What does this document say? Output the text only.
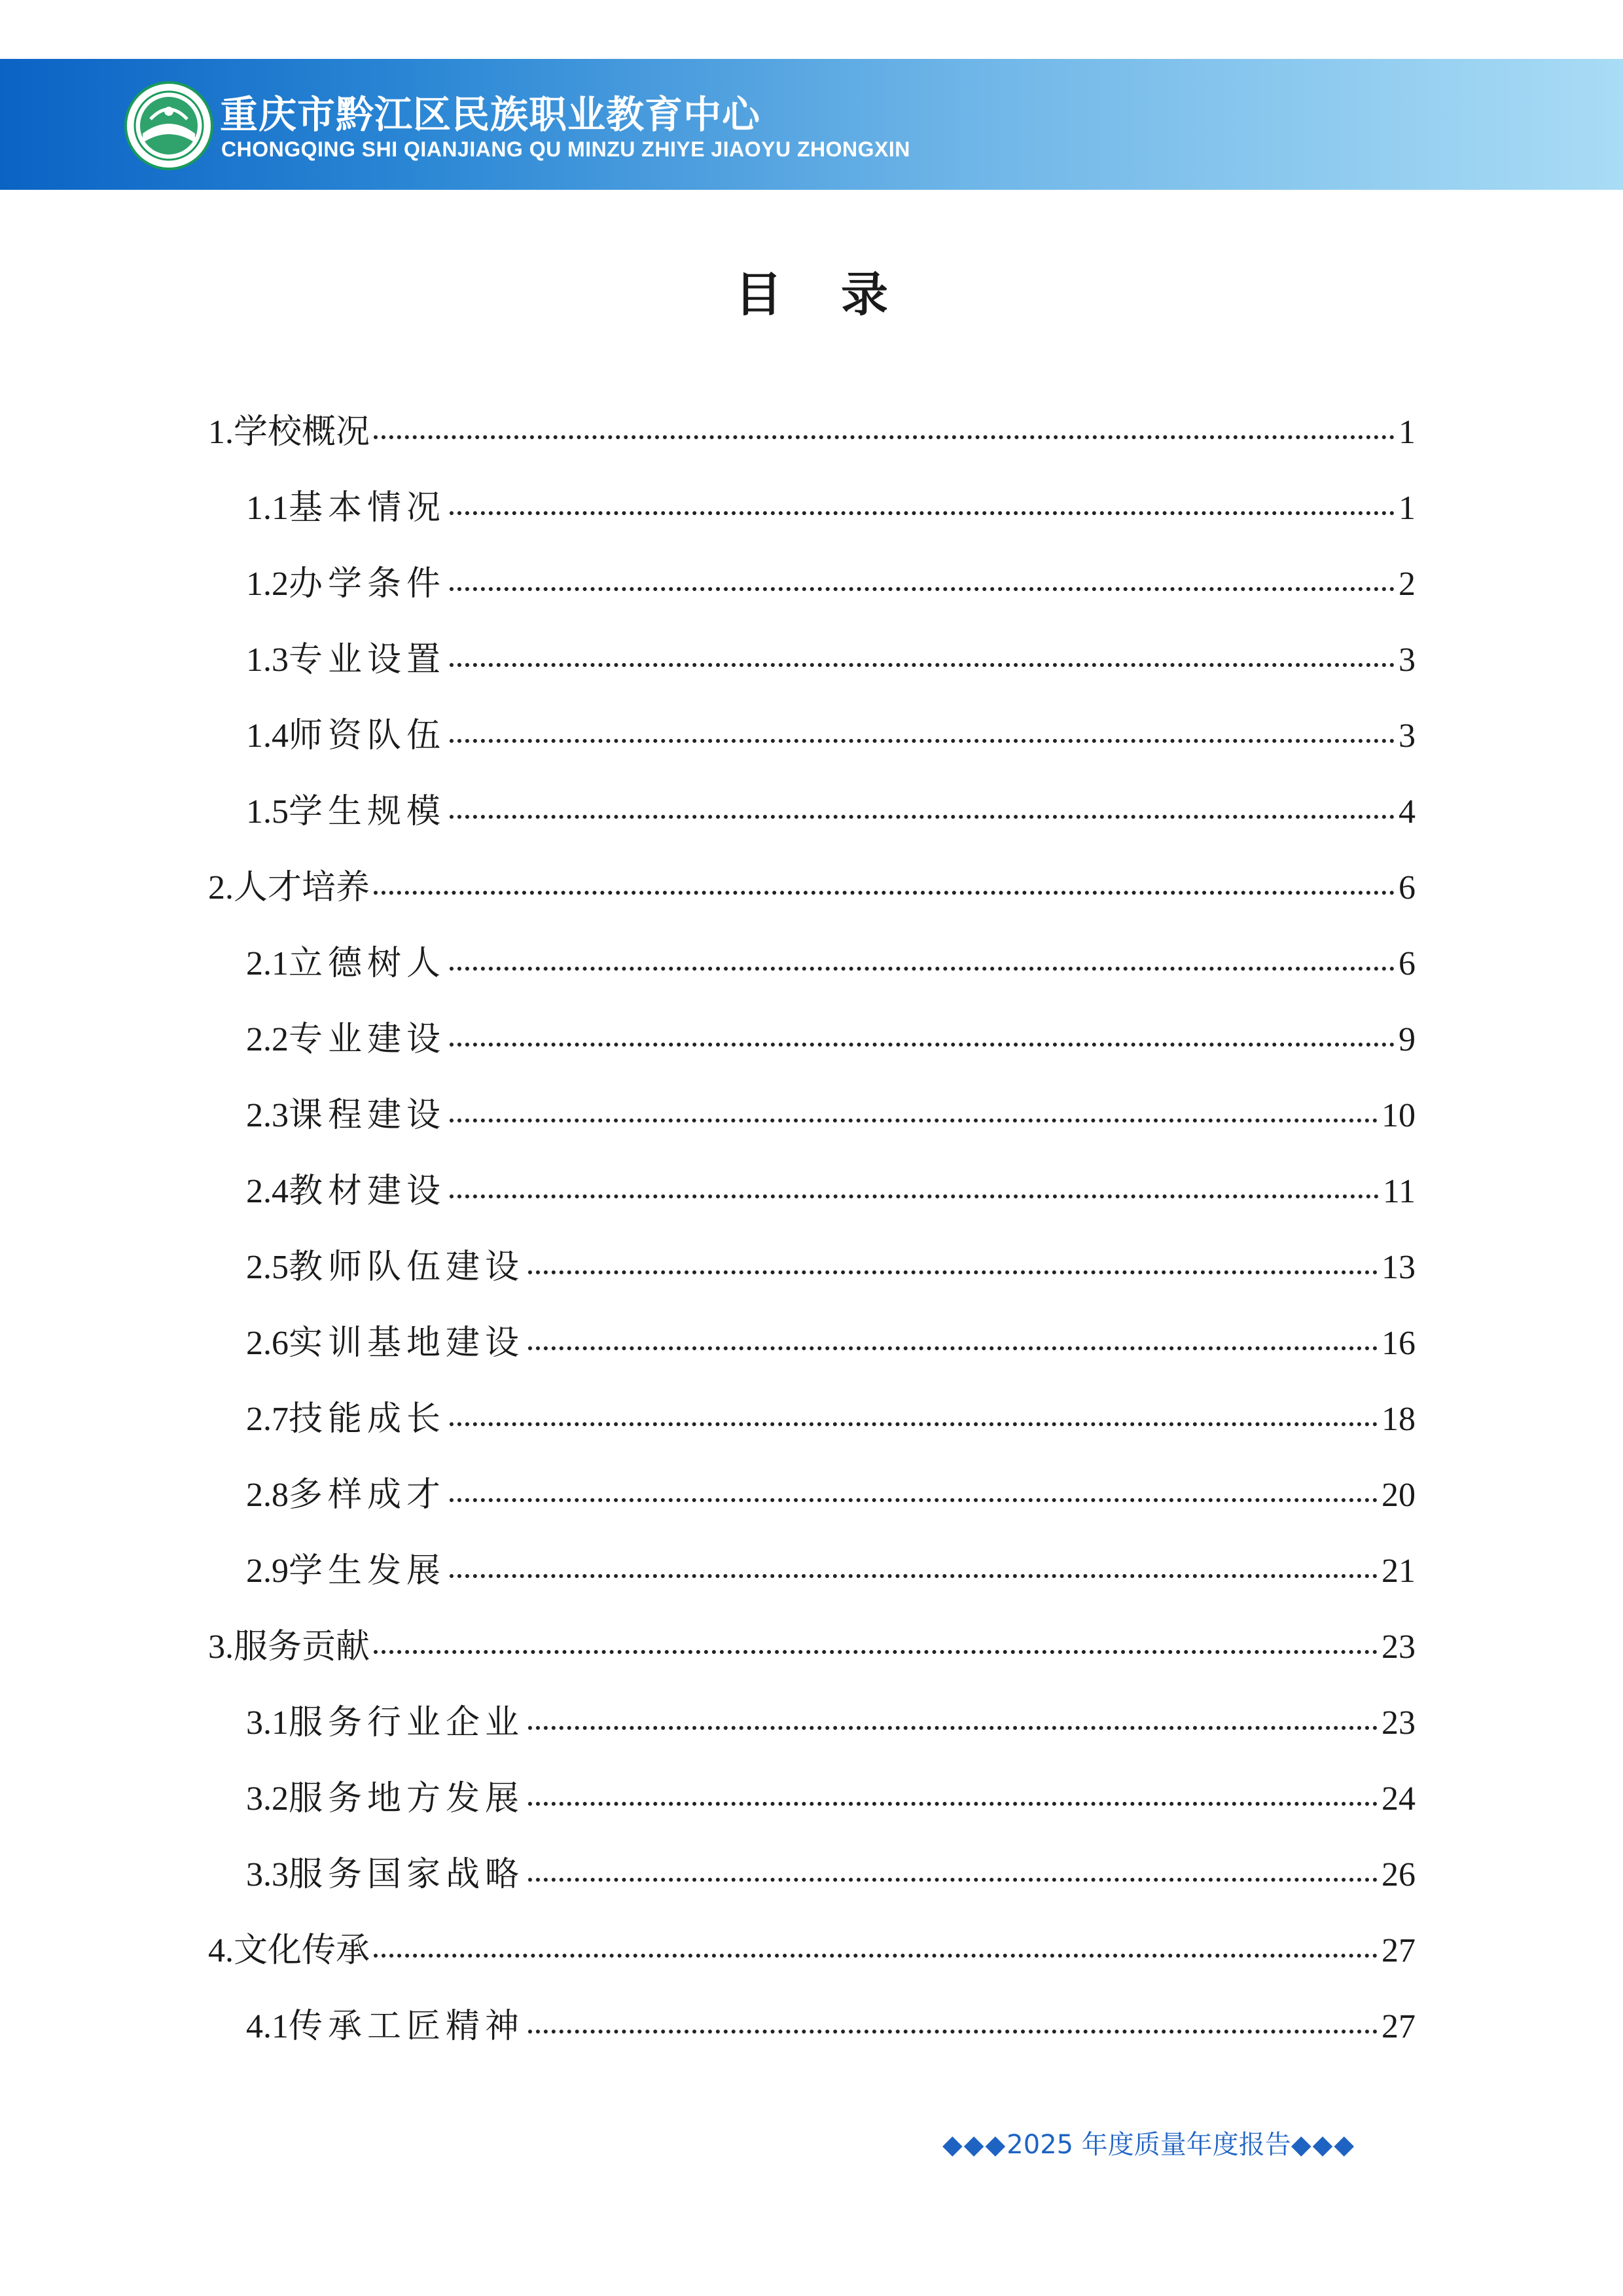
重庆市黔江区民族职业教育中心
CHONGQING SHI QIANJIANG QU MINZU ZHIYE JIAOYU ZHONGXIN
目 录
1. 学校概况	1
1.1 基本情况	1
1.2 办学条件	2
1.3 专业设置	3
1.4 师资队伍	3
1.5 学生规模	4
2. 人才培养	6
2.1 立德树人	6
2.2 专业建设	9
2.3 课程建设	10
2.4 教材建设	11
2.5 教师队伍建设	13
2.6 实训基地建设	16
2.7 技能成长	18
2.8 多样成才	20
2.9 学生发展	21
3. 服务贡献	23
3.1 服务行业企业	23
3.2 服务地方发展	24
3.3 服务国家战略	26
4. 文化传承	27
4.1 传承工匠精神	27
◆◆◆2025 年度质量年度报告◆◆◆
